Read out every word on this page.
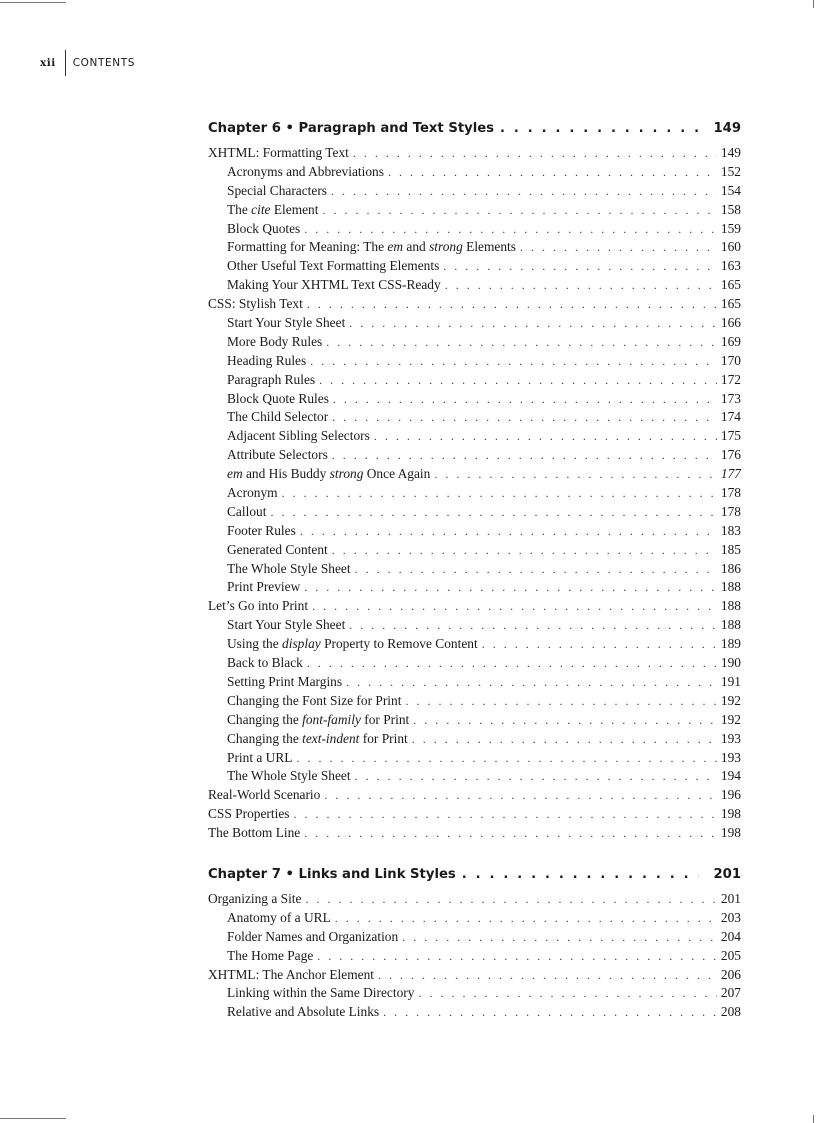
xii	CONTENTS
Chapter 6 • Paragraph and Text Styles . . .	149
XHTML: Formatting Text . . .	149
Acronyms and Abbreviations . . .	152
Special Characters . . .	154
The cite Element . . .	158
Block Quotes . . .	159
Formatting for Meaning: The em and strong Elements . . .	160
Other Useful Text Formatting Elements . . .	163
Making Your XHTML Text CSS-Ready . . .	165
CSS: Stylish Text . . .	165
Start Your Style Sheet . . .	166
More Body Rules . . .	169
Heading Rules . . .	170
Paragraph Rules . . .	172
Block Quote Rules . . .	173
The Child Selector . . .	174
Adjacent Sibling Selectors . . .	175
Attribute Selectors . . .	176
em and His Buddy strong Once Again . . .	177
Acronym . . .	178
Callout . . .	178
Footer Rules . . .	183
Generated Content . . .	185
The Whole Style Sheet . . .	186
Print Preview . . .	188
Let’s Go into Print . . .	188
Start Your Style Sheet . . .	188
Using the display Property to Remove Content . . .	189
Back to Black . . .	190
Setting Print Margins . . .	191
Changing the Font Size for Print . . .	192
Changing the font-family for Print . . .	192
Changing the text-indent for Print . . .	193
Print a URL . . .	193
The Whole Style Sheet . . .	194
Real-World Scenario . . .	196
CSS Properties . . .	198
The Bottom Line . . .	198
Chapter 7 • Links and Link Styles . . .	201
Organizing a Site . . .	201
Anatomy of a URL . . .	203
Folder Names and Organization . . .	204
The Home Page . . .	205
XHTML: The Anchor Element . . .	206
Linking within the Same Directory . . .	207
Relative and Absolute Links . . .	208
